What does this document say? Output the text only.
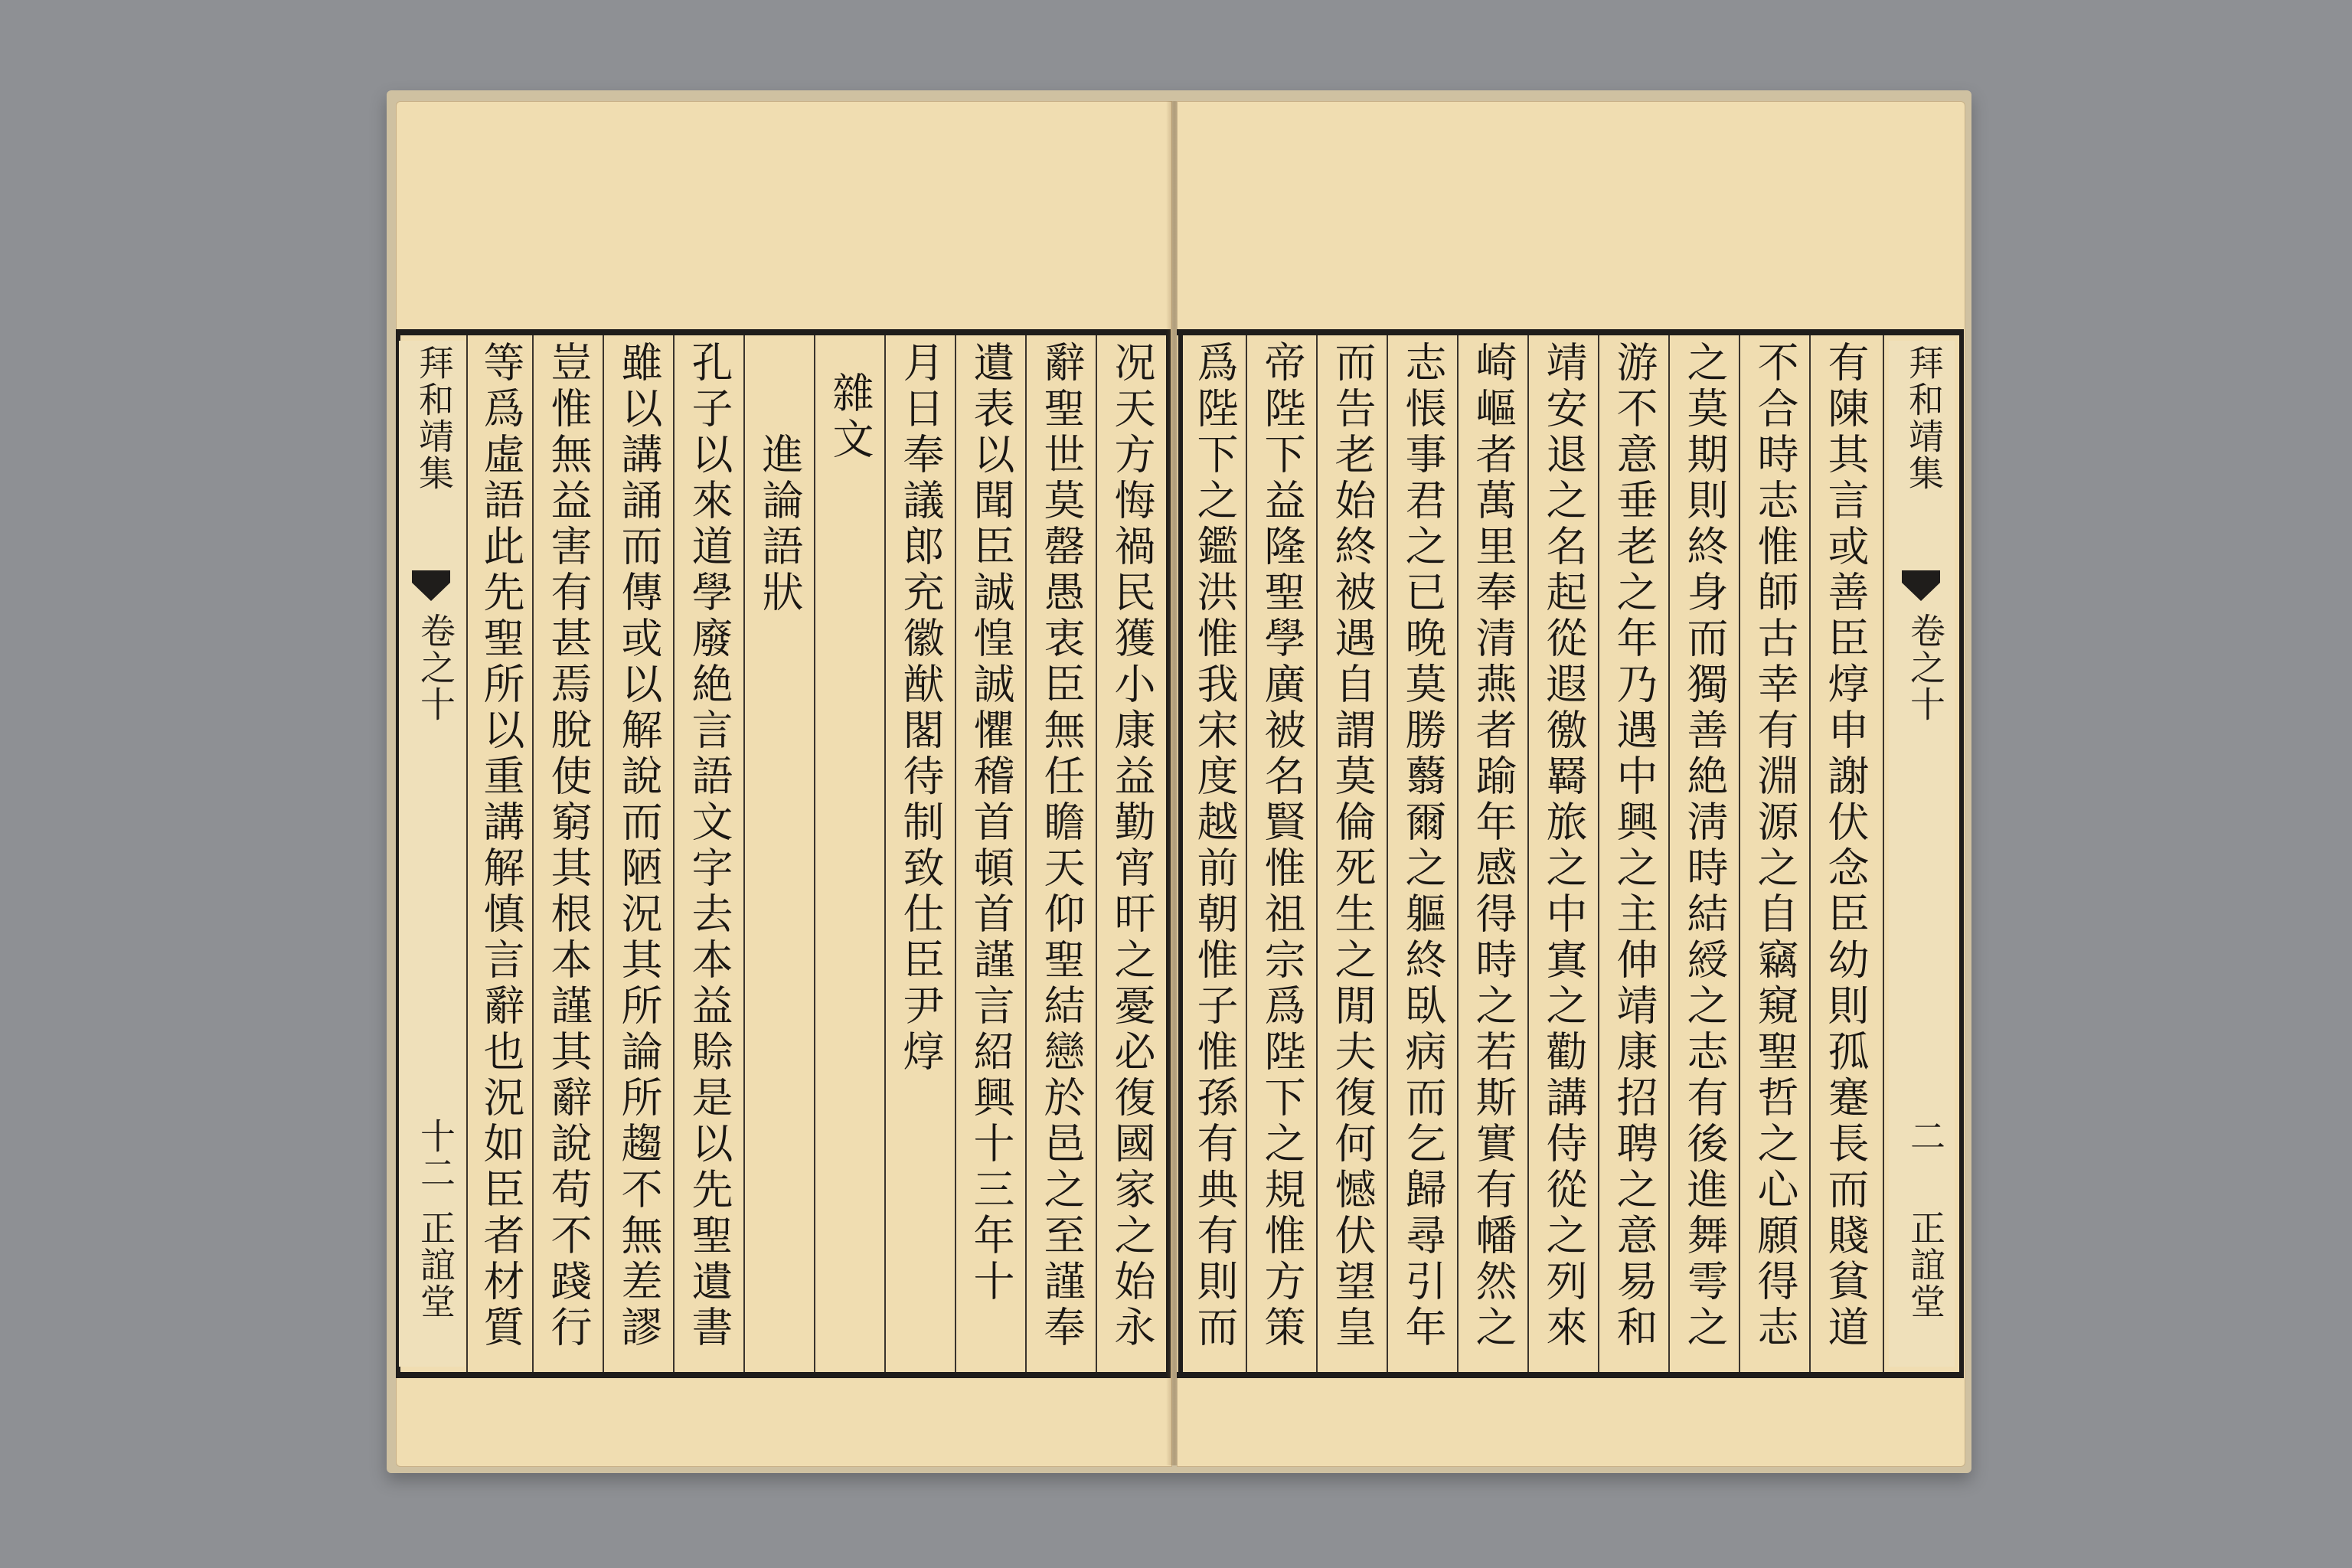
拜和靖集
卷之十
十二
正誼堂	况天方悔禍民獲小康益勤宵旰之憂必復國家之始永
辭聖世莫罄愚衷臣無任瞻天仰聖結戀於邑之至謹奉
遺表以聞臣誠惶誠懼稽首頓首謹言紹興十三年十
月日奉議郎充徽猷閣待制致仕臣尹焞
雜文
進論語狀
孔子以來道學廢絶言語文字去本益賒是以先聖遺書
雖以講誦而傳或以解說而陋況其所論所趨不無差謬
豈惟無益害有甚焉脫使窮其根本謹其辭說苟不踐行
等爲虛語此先聖所以重講解慎言辭也況如臣者材質	有陳其言或善臣焞申謝伏念臣幼則孤蹇長而賤貧道
不合時志惟師古幸有淵源之自竊窺聖哲之心願得志
之莫期則終身而獨善絶淸時結綬之志有後進舞雩之
游不意垂老之年乃遇中興之主伸靖康招聘之意易和
靖安退之名起從遐徼羇旅之中寘之勸講侍從之列來
崎嶇者萬里奉清燕者踰年感得時之若斯實有幡然之
志悵事君之已晚莫勝蘙爾之軀終臥病而乞歸尋引年
而告老始終被遇自謂莫倫死生之閒夫復何憾伏望皇
帝陛下益隆聖學廣被名賢惟祖宗爲陛下之規惟方策
爲陛下之鑑洪惟我宋度越前朝惟子惟孫有典有則而	拜和靖集
卷之十
二
正誼堂
